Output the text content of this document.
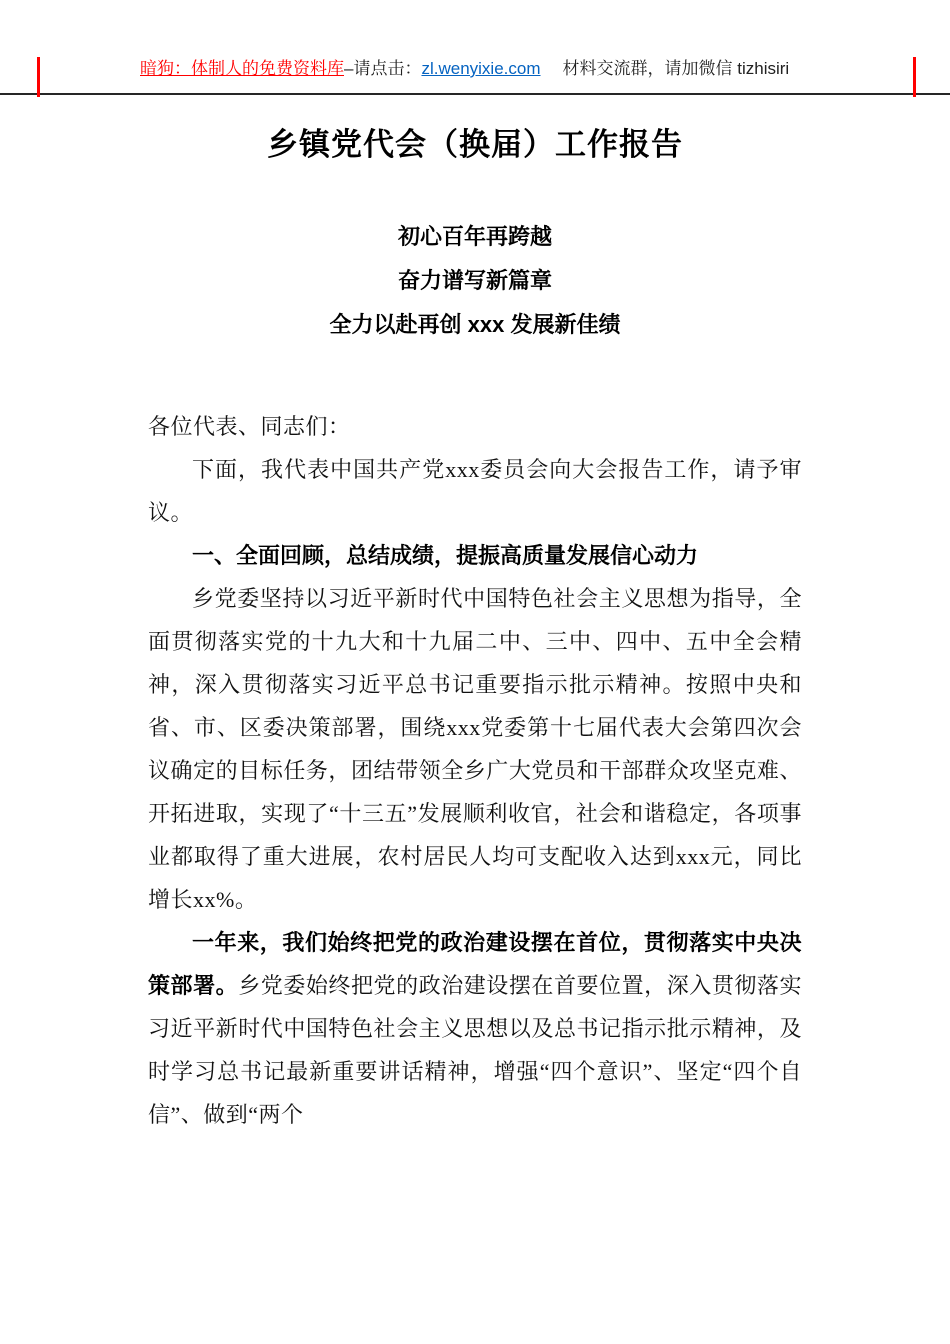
暗狗：体制人的免费资料库–请点击：zl.wenyixie.com 材料交流群，请加微信 tizhisiri
乡镇党代会（换届）工作报告
初心百年再跨越
奋力谱写新篇章
全力以赴再创 xxx 发展新佳绩

各位代表、同志们：

下面，我代表中国共产党xxx委员会向大会报告工作，请予审议。

一、全面回顾，总结成绩，提振高质量发展信心动力

乡党委坚持以习近平新时代中国特色社会主义思想为指导，全面贯彻落实党的十九大和十九届二中、三中、四中、五中全会精神，深入贯彻落实习近平总书记重要指示批示精神。按照中央和省、市、区委决策部署，围绕xxx党委第十七届代表大会第四次会议确定的目标任务，团结带领全乡广大党员和干部群众攻坚克难、开拓进取，实现了“十三五”发展顺利收官，社会和谐稳定，各项事业都取得了重大进展，农村居民人均可支配收入达到xxx元，同比增长xx%。

一年来，我们始终把党的政治建设摆在首位，贯彻落实中央决策部署。乡党委始终把党的政治建设摆在首要位置，深入贯彻落实习近平新时代中国特色社会主义思想以及总书记指示批示精神，及时学习总书记最新重要讲话精神，增强“四个意识”、坚定“四个自信”、做到“两个
